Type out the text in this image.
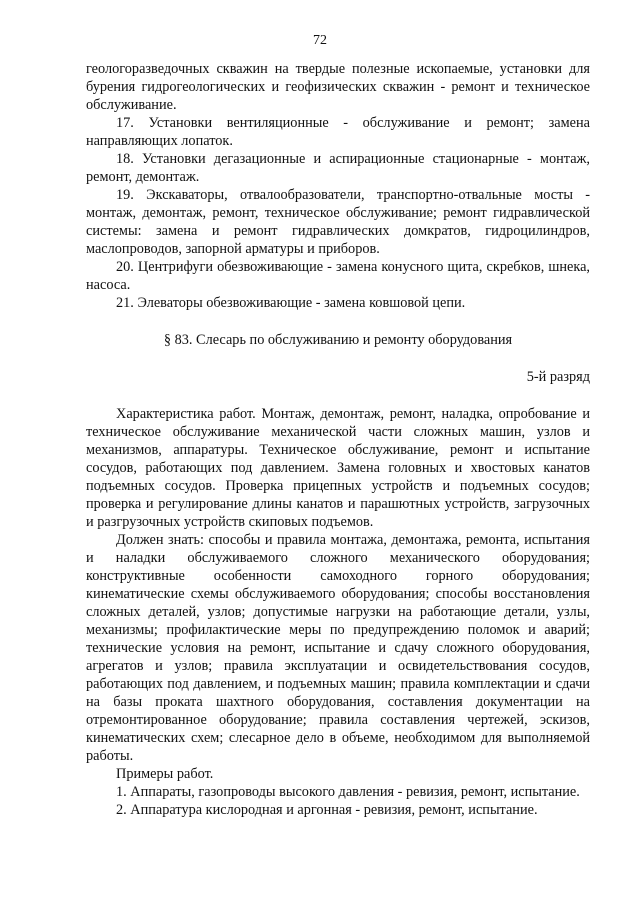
72

геологоразведочных скважин на твердые полезные ископаемые, установки для бурения гидрогеологических и геофизических скважин - ремонт и техническое обслуживание.

17. Установки вентиляционные - обслуживание и ремонт; замена направляющих лопаток.

18. Установки дегазационные и аспирационные стационарные - монтаж, ремонт, демонтаж.

19. Экскаваторы, отвалообразователи, транспортно-отвальные мосты - монтаж, демонтаж, ремонт, техническое обслуживание; ремонт гидравлической системы: замена и ремонт гидравлических домкратов, гидроцилиндров, маслопроводов, запорной арматуры и приборов.

20. Центрифуги обезвоживающие - замена конусного щита, скребков, шнека, насоса.

21. Элеваторы обезвоживающие - замена ковшовой цепи.

§ 83. Слесарь по обслуживанию и ремонту оборудования

5-й разряд

Характеристика работ. Монтаж, демонтаж, ремонт, наладка, опробование и техническое обслуживание механической части сложных машин, узлов и механизмов, аппаратуры. Техническое обслуживание, ремонт и испытание сосудов, работающих под давлением. Замена головных и хвостовых канатов подъемных сосудов. Проверка прицепных устройств и подъемных сосудов; проверка и регулирование длины канатов и парашютных устройств, загрузочных и разгрузочных устройств скиповых подъемов.

Должен знать: способы и правила монтажа, демонтажа, ремонта, испытания и наладки обслуживаемого сложного механического оборудования; конструктивные особенности самоходного горного оборудования; кинематические схемы обслуживаемого оборудования; способы восстановления сложных деталей, узлов; допустимые нагрузки на работающие детали, узлы, механизмы; профилактические меры по предупреждению поломок и аварий; технические условия на ремонт, испытание и сдачу сложного оборудования, агрегатов и узлов; правила эксплуатации и освидетельствования сосудов, работающих под давлением, и подъемных машин; правила комплектации и сдачи на базы проката шахтного оборудования, составления документации на отремонтированное оборудование; правила составления чертежей, эскизов, кинематических схем; слесарное дело в объеме, необходимом для выполняемой работы.

Примеры работ.

1. Аппараты, газопроводы высокого давления - ревизия, ремонт, испытание.

2. Аппаратура кислородная и аргонная - ревизия, ремонт, испытание.
